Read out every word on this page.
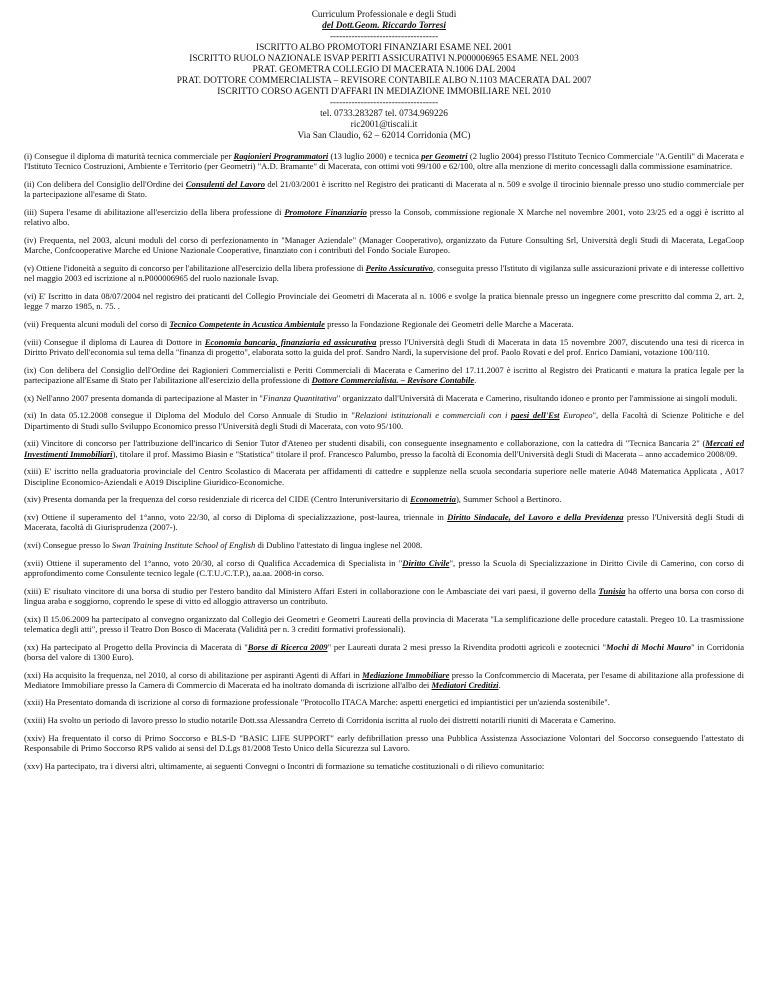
Curriculum Professionale e degli Studi
del Dott.Geom. Riccardo Torresi
-----------------------------------
ISCRITTO ALBO PROMOTORI FINANZIARI ESAME NEL 2001
ISCRITTO RUOLO NAZIONALE ISVAP PERITI ASSICURATIVI N.P000006965 ESAME NEL 2003
PRAT. GEOMETRA COLLEGIO DI MACERATA N.1006 DAL 2004
PRAT. DOTTORE COMMERCIALISTA – REVISORE CONTABILE ALBO N.1103 MACERATA DAL 2007
ISCRITTO CORSO AGENTI D'AFFARI IN MEDIAZIONE IMMOBILIARE NEL 2010
-----------------------------------
tel. 0733.283287 tel. 0734.969226
ric2001@tiscali.it
Via San Claudio, 62 – 62014 Corridonia (MC)

(i) Consegue il diploma di maturità tecnica commerciale per Ragionieri Programmatori (13 luglio 2000) e tecnica per Geometri (2 luglio 2004) presso l'Istituto Tecnico Commerciale "A.Gentili" di Macerata e l'Istituto Tecnico Costruzioni, Ambiente e Territorio (per Geometri) "A.D. Bramante" di Macerata, con ottimi voti 99/100 e 62/100, oltre alla menzione di merito concessagli dalla commissione esaminatrice.

(ii) Con delibera del Consiglio dell'Ordine dei Consulenti del Lavoro del 21/03/2001 è iscritto nel Registro dei praticanti di Macerata al n. 509 e svolge il tirocinio biennale presso uno studio commerciale per la partecipazione all'esame di Stato.

(iii) Supera l'esame di abilitazione all'esercizio della libera professione di Promotore Finanziario presso la Consob, commissione regionale X Marche nel novembre 2001, voto 23/25 ed a oggi è iscritto al relativo albo.

(iv) Frequenta, nel 2003, alcuni moduli del corso di perfezionamento in "Manager Aziendale" (Manager Cooperativo), organizzato da Future Consulting Srl, Università degli Studi di Macerata, LegaCoop Marche, Confcooperative Marche ed Unione Nazionale Cooperative, finanziato con i contributi del Fondo Sociale Europeo.

(v) Ottiene l'idoneità a seguito di concorso per l'abilitazione all'esercizio della libera professione di Perito Assicurativo, conseguita presso l'Istituto di vigilanza sulle assicurazioni private e di interesse collettivo nel maggio 2003 ed iscrizione al n.P000006965 del ruolo nazionale Isvap.

(vi) E' Iscritto in data 08/07/2004 nel registro dei praticanti del Collegio Provinciale dei Geometri di Macerata al n. 1006 e svolge la pratica biennale presso un ingegnere come prescritto dal comma 2, art. 2, legge 7 marzo 1985, n. 75. .

(vii) Frequenta alcuni moduli del corso di Tecnico Competente in Acustica Ambientale presso la Fondazione Regionale dei Geometri delle Marche a Macerata.

(viii) Consegue il diploma di Laurea di Dottore in Economia bancaria, finanziaria ed assicurativa presso l'Università degli Studi di Macerata in data 15 novembre 2007, discutendo una tesi di ricerca in Diritto Privato dell'economia sul tema della "finanza di progetto", elaborata sotto la guida del prof. Sandro Nardi, la supervisione del prof. Paolo Rovati e del prof. Enrico Damiani, votazione 100/110.

(ix) Con delibera del Consiglio dell'Ordine dei Ragionieri Commercialisti e Periti Commerciali di Macerata e Camerino del 17.11.2007 è iscritto al Registro dei Praticanti e matura la pratica legale per la partecipazione all'Esame di Stato per l'abilitazione all'esercizio della professione di Dottore Commercialista. – Revisore Contabile.

(x) Nell'anno 2007 presenta domanda di partecipazione al Master in "Finanza Quantitativa" organizzato dall'Università di Macerata e Camerino, risultando idoneo e pronto per l'ammissione ai singoli moduli.

(xi) In data 05.12.2008 consegue il Diploma del Modulo del Corso Annuale di Studio in "Relazioni istituzionali e commerciali con i paesi dell'Est Europeo", della Facoltà di Scienze Politiche e del Dipartimento di Studi sullo Sviluppo Economico presso l'Università degli Studi di Macerata, con voto 95/100.

(xii) Vincitore di concorso per l'attribuzione dell'incarico di Senior Tutor d'Ateneo per studenti disabili, con conseguente insegnamento e collaborazione, con la cattedra di "Tecnica Bancaria 2" (Mercati ed Investimenti Immobiliari), titolare il prof. Massimo Biasin e "Statistica" titolare il prof. Francesco Palumbo, presso la facoltà di Economia dell'Università degli Studi di Macerata – anno accademico 2008/09.

(xiii) E' iscritto nella graduatoria provinciale del Centro Scolastico di Macerata per affidamenti di cattedre e supplenze nella scuola secondaria superiore nelle materie A048 Matematica Applicata , A017 Discipline Economico-Aziendali e A019 Discipline Giuridico-Economiche.

(xiv) Presenta domanda per la frequenza del corso residenziale di ricerca del CIDE (Centro Interuniversitario di Econometria), Summer School a Bertinoro.

(xv) Ottiene il superamento del 1°anno, voto 22/30, al corso di Diploma di specializzazione, post-laurea, triennale in Diritto Sindacale, del Lavoro e della Previdenza presso l'Università degli Studi di Macerata, facoltà di Giurisprudenza (2007-).

(xvi) Consegue presso lo Swan Training Institute School of English di Dublino l'attestato di lingua inglese nel 2008.

(xvii) Ottiene il superamento del 1°anno, voto 20/30, al corso di Qualifica Accademica di Specialista in "Diritto Civile", presso la Scuola di Specializzazione in Diritto Civile di Camerino, con corso di approfondimento come Consulente tecnico legale (C.T.U./C.T.P.), aa.aa. 2008-in corso.

(xiii) E' risultato vincitore di una borsa di studio per l'estero bandito dal Ministero Affari Esteri in collaborazione con le Ambasciate dei vari paesi, il governo della Tunisia ha offerto una borsa con corso di lingua araba e soggiorno, coprendo le spese di vitto ed alloggio attraverso un contributo.

(xix) Il 15.06.2009 ha partecipato al convegno organizzato dal Collegio dei Geometri e Geometri Laureati della provincia di Macerata "La semplificazione delle procedure catastali. Pregeo 10. La trasmissione telematica degli atti", presso il Teatro Don Bosco di Macerata (Validità per n. 3 crediti formativi professionali).

(xx) Ha partecipato al Progetto della Provincia di Macerata di "Borse di Ricerca 2009" per Laureati durata 2 mesi presso la Rivendita prodotti agricoli e zootecnici "Mochi di Mochi Mauro" in Corridonia (borsa del valore di 1300 Euro).

(xxi) Ha acquisito la frequenza, nel 2010, al corso di abilitazione per aspiranti Agenti di Affari in Mediazione Immobiliare presso la Confcommercio di Macerata, per l'esame di abilitazione alla professione di Mediatore Immobiliare presso la Camera di Commercio di Macerata ed ha inoltrato domanda di iscrizione all'albo dei Mediatori Creditizi.

(xxii) Ha Presentato domanda di iscrizione al corso di formazione professionale "Protocollo ITACA Marche: aspetti energetici ed impiantistici per un'azienda sostenibile".

(xxiii) Ha svolto un periodo di lavoro presso lo studio notarile Dott.ssa Alessandra Cerreto di Corridonia iscritta al ruolo dei distretti notarili riuniti di Macerata e Camerino.

(xxiv) Ha frequentato il corso di Primo Soccorso e BLS-D "BASIC LIFE SUPPORT" early defibrillation presso una Pubblica Assistenza Associazione Volontari del Soccorso conseguendo l'attestato di Responsabile di Primo Soccorso RPS valido ai sensi del D.Lgs 81/2008 Testo Unico della Sicurezza sul Lavoro.

(xxv) Ha partecipato, tra i diversi altri, ultimamente, ai seguenti Convegni o Incontri di formazione su tematiche costituzionali o di rilievo comunitario:
